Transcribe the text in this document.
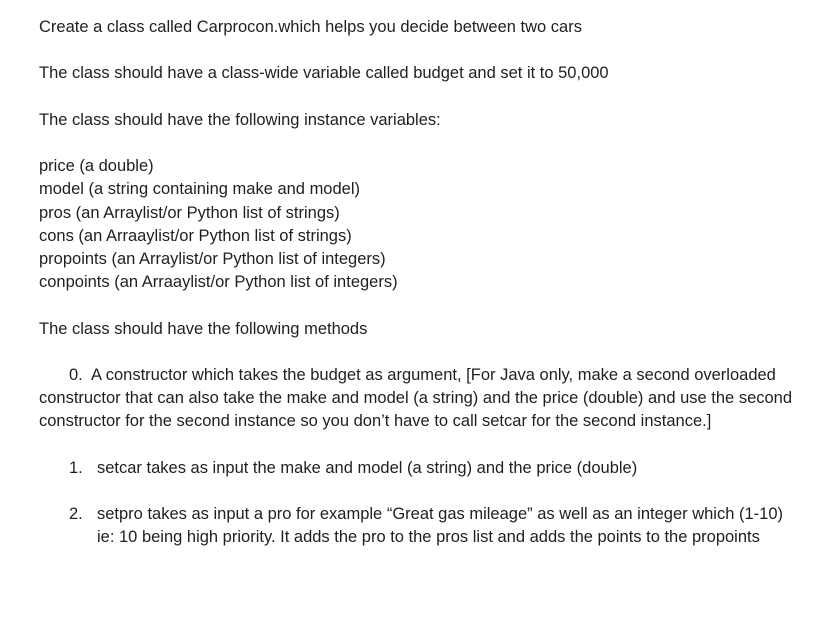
Create a class called Carprocon.which helps you decide between two cars

The class should have a class-wide variable called budget and set it to 50,000

The class should have the following instance variables:

price (a double)

model (a string containing make and model)

pros (an Arraylist/or Python list of strings)

cons (an Arraaylist/or Python list of strings)

propoints (an Arraylist/or Python list of integers)

conpoints (an Arraaylist/or Python list of integers)

The class should have the following methods

0. A constructor which takes the budget as argument, [For Java only, make a second overloaded constructor that can also take the make and model (a string) and the price (double) and use the second constructor for the second instance so you don’t have to call setcar for the second instance.]

1. setcar takes as input the make and model (a string) and the price (double)
2. setpro takes as input a pro for example “Great gas mileage” as well as an integer which (1-10) ie: 10 being high priority. It adds the pro to the pros list and adds the points to the propoints
